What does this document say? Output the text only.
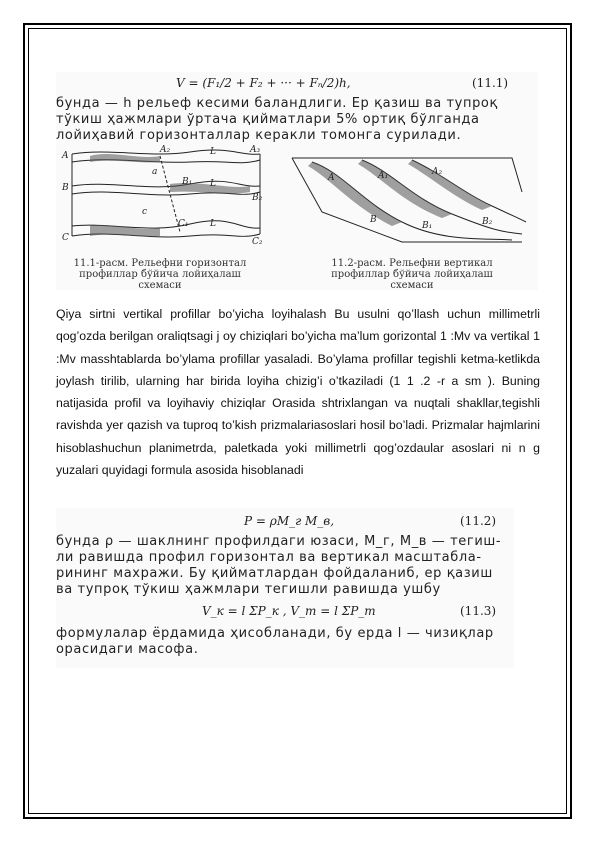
V = (F₁/2 + F₂ + ··· + Fₙ/2)h,	(11.1)
бунда — h рельеф кесими баландлиги. Ер қазиш ва тупроқ
тўкиш ҳажмлари ўртача қийматлари 5% ортиқ бўлганда
лойиҳавий горизонталлар керакли томонга сурилади.
A
B
C
A₂
B₁
B₂
C₁
C₂
A₃
L
L
L
a
c
A	A₁	A₂
B
B₁	B₂
11.1-расм. Рельефни горизонтал
профиллар бўйича лойиҳалаш
схемаси
11.2-расм. Рельефни вертикал
профиллар бўйича лойиҳалаш
схемаси
Qiya sirtni vertikal profillar bo’yicha loyihalash Bu usulni qo’llash uchun millimetrli qog’ozda berilgan oraliqtsagi j oy chiziqlari bo’yicha ma’lum gorizontal 1 :Mv va vertikal 1 :Mv masshtablarda bo’ylama profillar yasaladi. Bo’ylama profillar tegishli ketma-ketlikda joylash tirilib, ularning har birida loyiha chizig’i o’tkaziladi (1 1 .2 -r a sm ). Buning natijasida profil va loyihaviy chiziqlar Orasida shtrixlangan va nuqtali shakllar,tegishli ravishda yer qazish va tuproq to’kish prizmalariasoslari hosil bo’ladi. Prizmalar hajmlarini hisoblashuchun planimetrda, paletkada yoki millimetrli qog’ozdaular asoslari ni n g yuzalari quyidagi formula asosida hisoblanadi
P = ρM_г M_в,	(11.2)
бунда ρ — шаклнинг профилдаги юзаси, M_г, M_в — тегиш-
ли равишда профил горизонтал ва вертикал масштабла-
рининг махражи. Бу қийматлардан фойдаланиб, ер қазиш
ва тупроқ тўкиш ҳажмлари тегишли равишда ушбу
V_к = l ΣP_к , V_т = l ΣP_т	(11.3)
формулалар ёрдамида ҳисобланади, бу ерда l — чизиқлар
орасидаги масофа.
